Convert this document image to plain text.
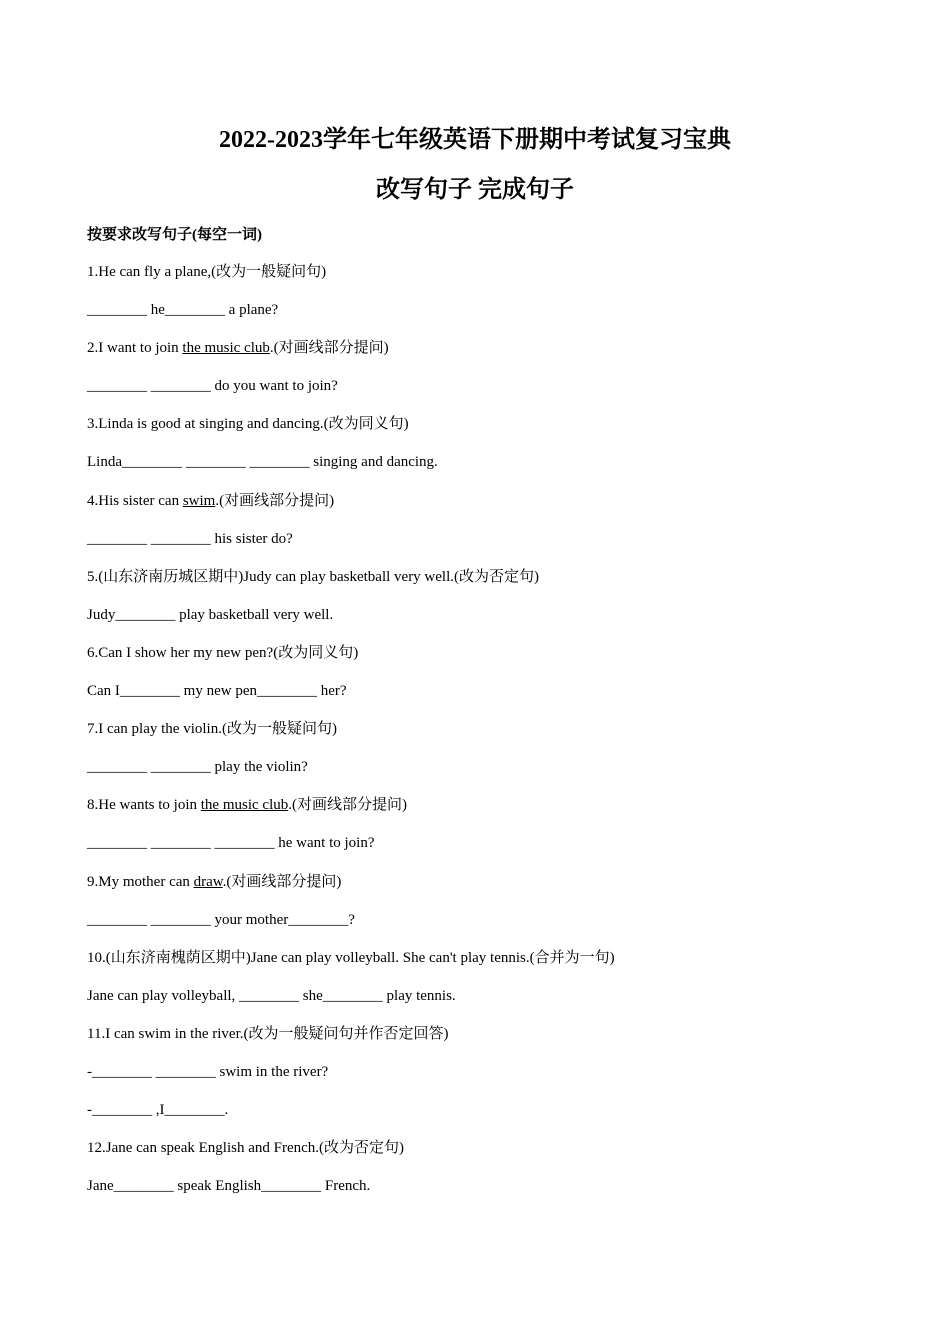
2022-2023学年七年级英语下册期中考试复习宝典
改写句子 完成句子
按要求改写句子(每空一词)
1.He can fly a plane,(改为一般疑问句)
________ he________ a plane?
2.I want to join the music club.(对画线部分提问)
________ ________ do you want to join?
3.Linda is good at singing and dancing.(改为同义句)
Linda________ ________ ________ singing and dancing.
4.His sister can swim.(对画线部分提问)
________ ________ his sister do?
5.(山东济南历城区期中)Judy can play basketball very well.(改为否定句)
Judy________ play basketball very well.
6.Can I show her my new pen?(改为同义句)
Can I________ my new pen________ her?
7.I can play the violin.(改为一般疑问句)
________ ________ play the violin?
8.He wants to join the music club.(对画线部分提问)
________ ________ ________ he want to join?
9.My mother can draw.(对画线部分提问)
________ ________ your mother________?
10.(山东济南槐荫区期中)Jane can play volleyball. She can't play tennis.(合并为一句)
Jane can play volleyball, ________ she________ play tennis.
11.I can swim in the river.(改为一般疑问句并作否定回答)
-________ ________ swim in the river?
-________ ,I________.
12.Jane can speak English and French.(改为否定句)
Jane________ speak English________ French.
